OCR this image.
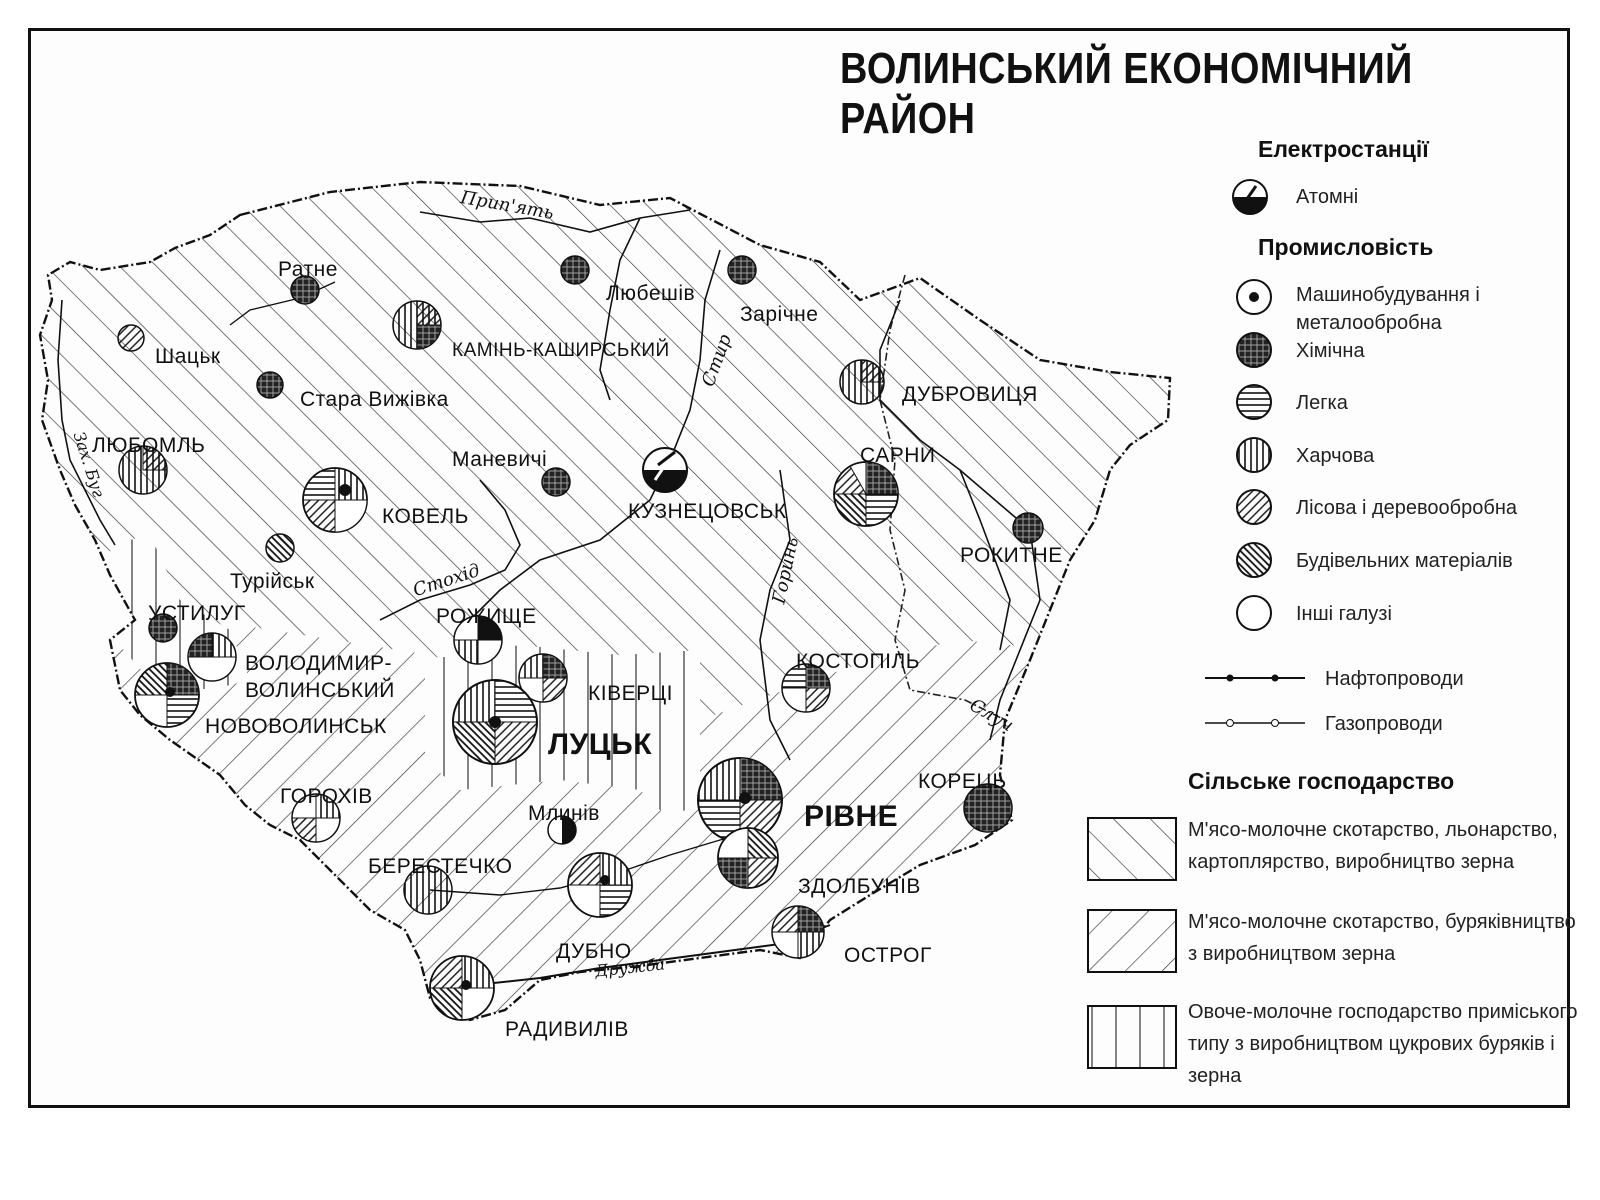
ВОЛИНСЬКИЙ ЕКОНОМІЧНИЙ РАЙОН
Електростанції
Атомні
Промисловість
Машинобудування і металообробна
Хімічна
Легка
Харчова
Лісова і деревообробна
Будівельних матеріалів
Інші галузі
Нафтопроводи
Газопроводи
Сільське господарство
М'ясо-молочне скотарство, льонарство, картоплярство, виробництво зерна
М'ясо-молочне скотарство, буряківництво з виробництвом зерна
Овоче-молочне господарство приміського типу з виробництвом цукрових буряків і зерна
Ратне
Шацьк
Любешів
Зарічне
КАМІНЬ-КАШИРСЬКИЙ
Стара Вижівка	ДУБРОВИЦЯ
ЛЮБОМЛЬ
Маневичі	САРНИ
КОВЕЛЬ	КУЗНЕЦОВСЬК
РОКИТНЕ
Турійськ
УСТИЛУГ	РОЖИЩЕ
ВОЛОДИМИР-ВОЛИНСЬКИЙ
КОСТОПІЛЬ
КІВЕРЦІ
НОВОВОЛИНСЬК
ЛУЦЬК
КОРЕЦЬ
ГОРОХІВ
Млинів	РІВНЕ
БЕРЕСТЕЧКО
ЗДОЛБУНІВ
ДУБНО	ОСТРОГ
РАДИВИЛІВ
Прип'ять
Стир
Зах. Буг
Стохід	Горинь
Случ
Дружба
